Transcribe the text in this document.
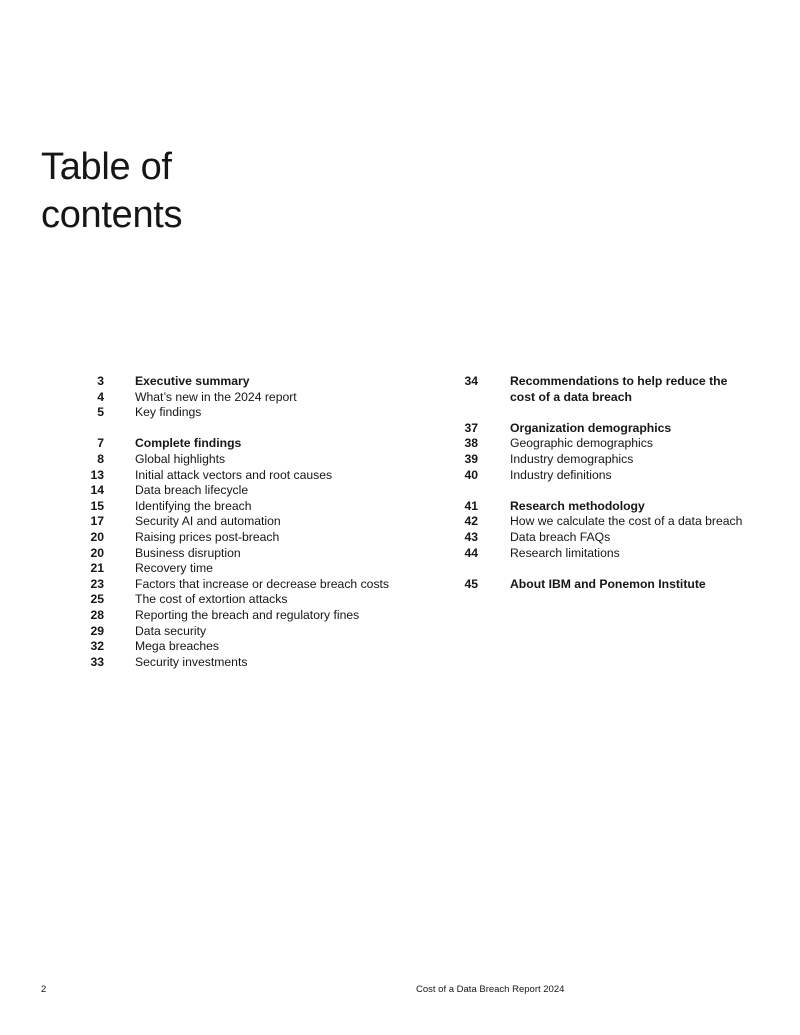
Table of
contents
3	Executive summary
4	What’s new in the 2024 report
5	Key findings
7	Complete findings
8	Global highlights
13	Initial attack vectors and root causes
14	Data breach lifecycle
15	Identifying the breach
17	Security AI and automation
20	Raising prices post-breach
20	Business disruption
21	Recovery time
23	Factors that increase or decrease breach costs
25	The cost of extortion attacks
28	Reporting the breach and regulatory fines
29	Data security
32	Mega breaches
33	Security investments
34	Recommendations to help reduce the
cost of a data breach
37	Organization demographics
38	Geographic demographics
39	Industry demographics
40	Industry definitions
41	Research methodology
42	How we calculate the cost of a data breach
43	Data breach FAQs
44	Research limitations
45	About IBM and Ponemon Institute
2	Cost of a Data Breach Report 2024
